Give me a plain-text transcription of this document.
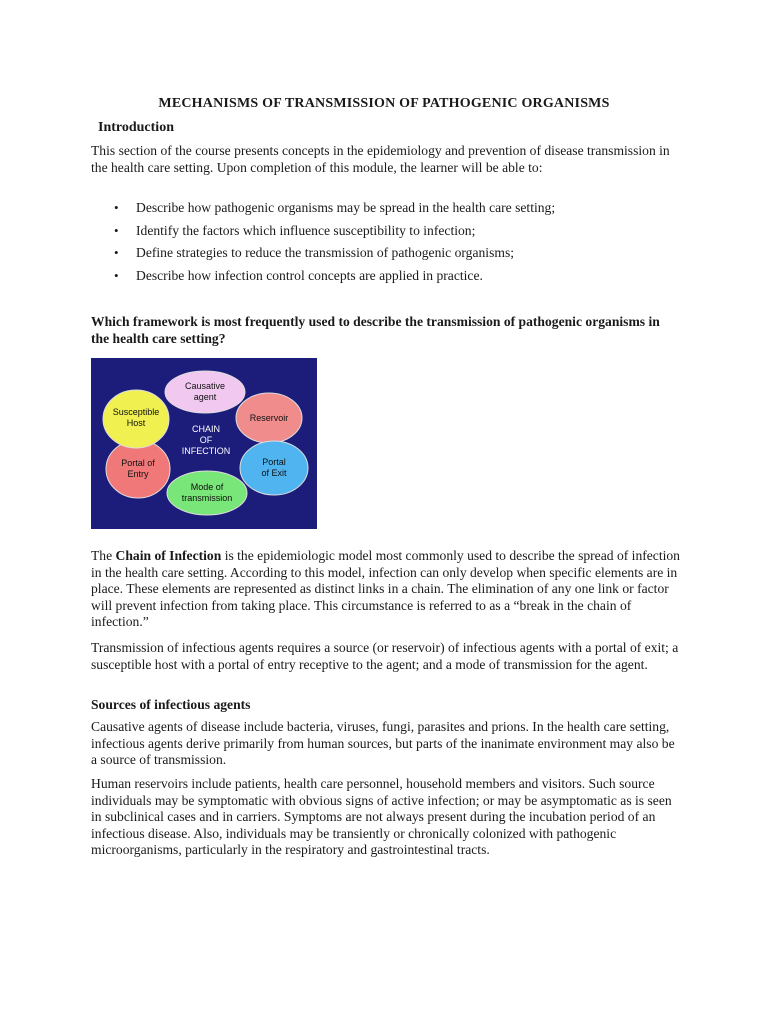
MECHANISMS OF TRANSMISSION OF PATHOGENIC ORGANISMS
Introduction
This section of the course presents concepts in the epidemiology and prevention of disease transmission in the health care setting. Upon completion of this module, the learner will be able to:
• Describe how pathogenic organisms may be spread in the health care setting;
• Identify the factors which influence susceptibility to infection;
• Define strategies to reduce the transmission of pathogenic organisms;
• Describe how infection control concepts are applied in practice.
Which framework is most frequently used to describe the transmission of pathogenic organisms in the health care setting?
Causative
agent
Reservoir
Portal
of Exit
Mode of
transmission
Portal of
Entry
Susceptible
Host
CHAIN
OF
INFECTION
The Chain of Infection is the epidemiologic model most commonly used to describe the spread of infection in the health care setting. According to this model, infection can only develop when specific elements are in place. These elements are represented as distinct links in a chain. The elimination of any one link or factor will prevent infection from taking place. This circumstance is referred to as a “break in the chain of infection.”
Transmission of infectious agents requires a source (or reservoir) of infectious agents with a portal of exit; a susceptible host with a portal of entry receptive to the agent; and a mode of transmission for the agent.
Sources of infectious agents
Causative agents of disease include bacteria, viruses, fungi, parasites and prions. In the health care setting, infectious agents derive primarily from human sources, but parts of the inanimate environment may also be a source of transmission.
Human reservoirs include patients, health care personnel, household members and visitors. Such source individuals may be symptomatic with obvious signs of active infection; or may be asymptomatic as is seen in subclinical cases and in carriers. Symptoms are not always present during the incubation period of an infectious disease. Also, individuals may be transiently or chronically colonized with pathogenic microorganisms, particularly in the respiratory and gastrointestinal tracts.
